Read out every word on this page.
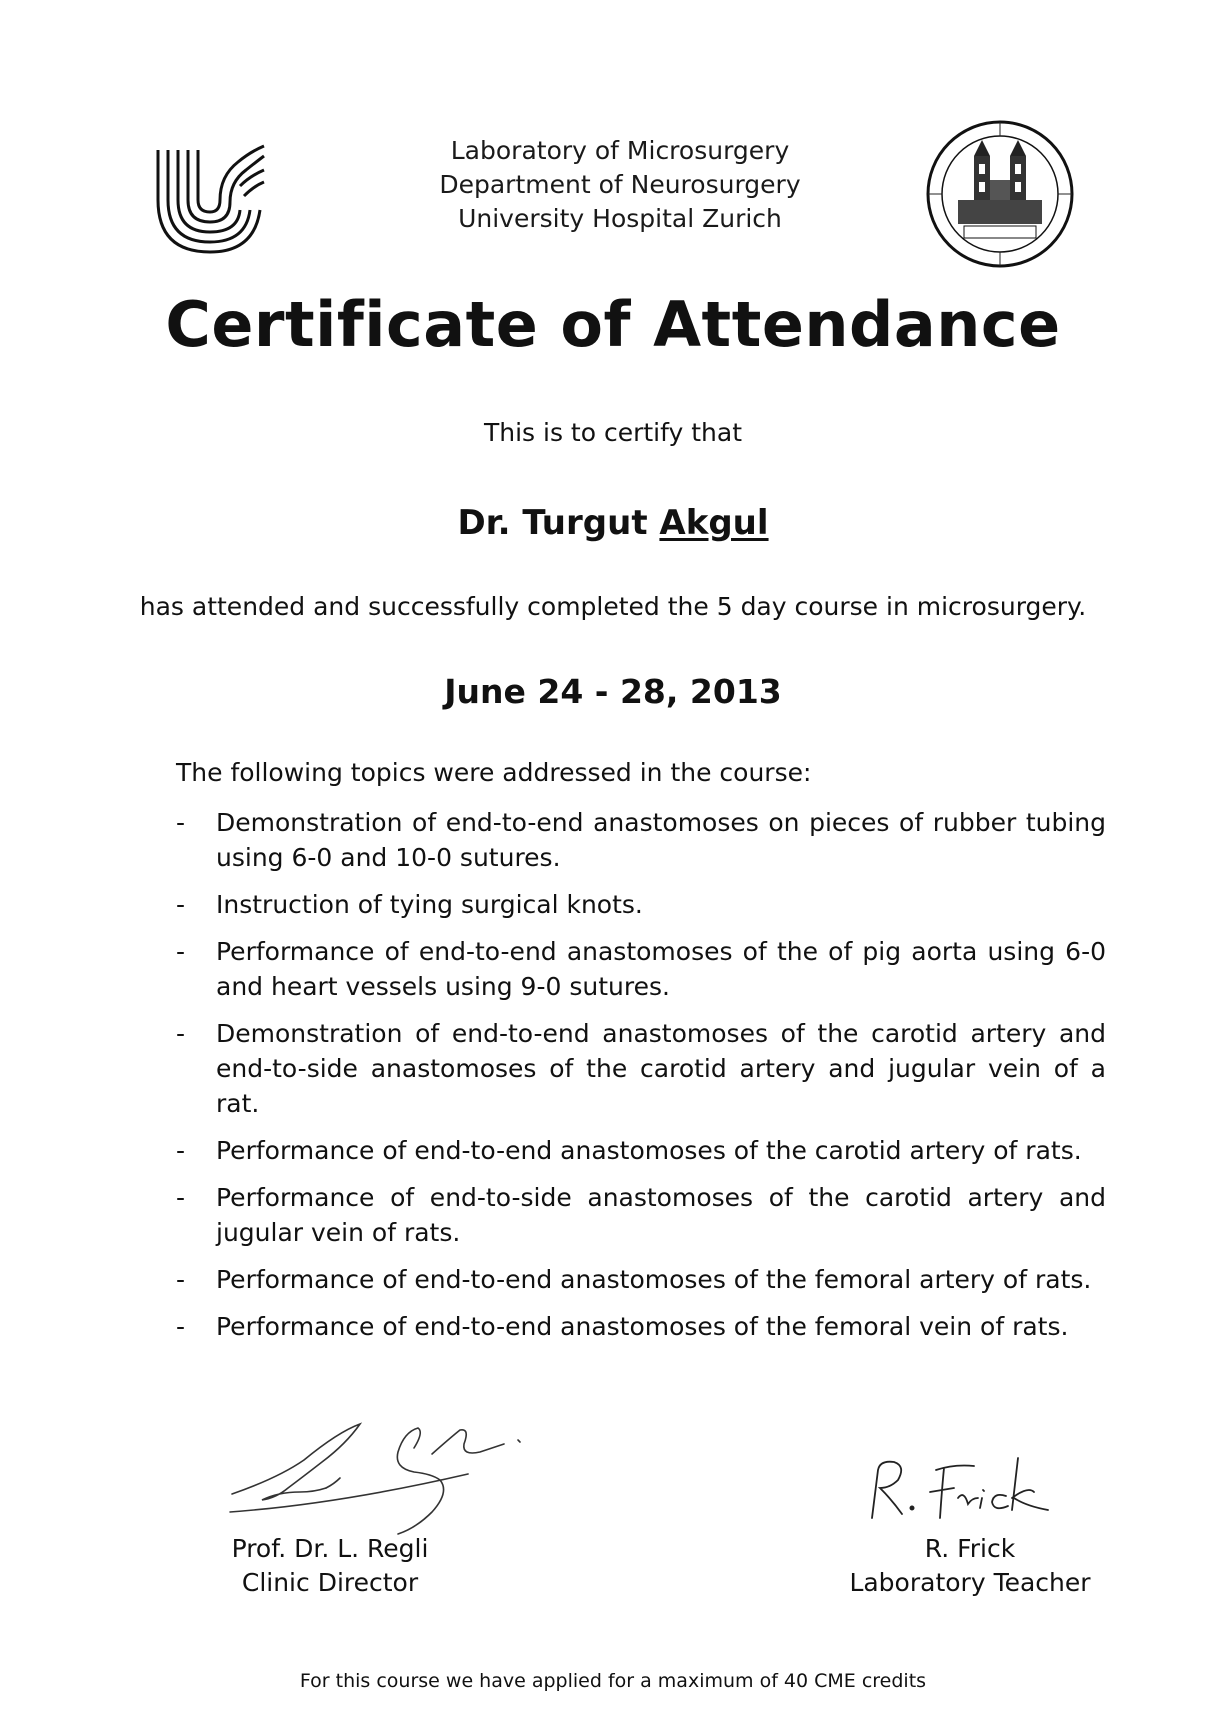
Laboratory of Microsurgery
Department of Neurosurgery
University Hospital Zurich
Certificate of Attendance
This is to certify that
Dr. Turgut Akgul
has attended and successfully completed the 5 day course in microsurgery.
June 24 - 28, 2013
The following topics were addressed in the course:
- Demonstration of end-to-end anastomoses on pieces of rubber tubing using 6-0 and 10-0 sutures.
- Instruction of tying surgical knots.
- Performance of end-to-end anastomoses of the of pig aorta using 6-0 and heart vessels using 9-0 sutures.
- Demonstration of end-to-end anastomoses of the carotid artery and end-to-side anastomoses of the carotid artery and jugular vein of a rat.
- Performance of end-to-end anastomoses of the carotid artery of rats.
- Performance of end-to-side anastomoses of the carotid artery and jugular vein of rats.
- Performance of end-to-end anastomoses of the femoral artery of rats.
- Performance of end-to-end anastomoses of the femoral vein of rats.
Prof. Dr. L. Regli
Clinic Director
R. Frick
Laboratory Teacher
For this course we have applied for a maximum of 40 CME credits
